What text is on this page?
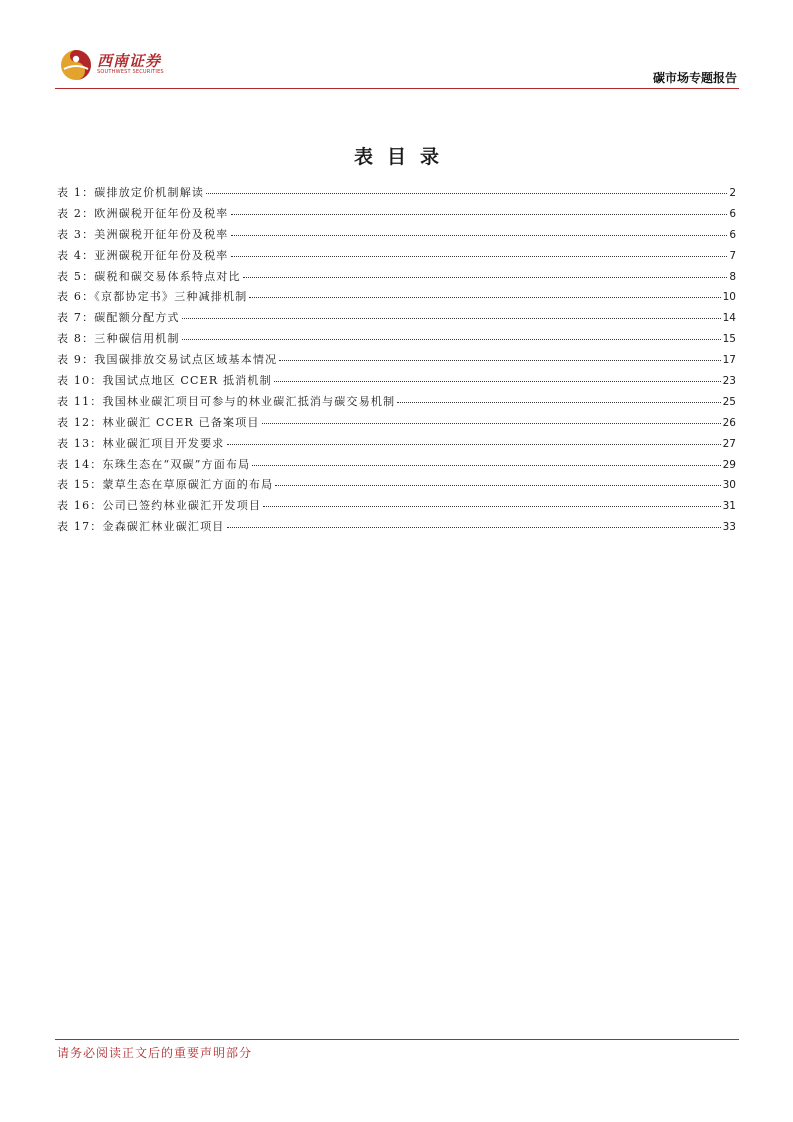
西南证券
SOUTHWEST SECURITIES	碳市场专题报告
表目录
表 1：碳排放定价机制解读	2
表 2：欧洲碳税开征年份及税率	6
表 3：美洲碳税开征年份及税率	6
表 4：亚洲碳税开征年份及税率	7
表 5：碳税和碳交易体系特点对比	8
表 6：《京都协定书》三种减排机制	10
表 7：碳配额分配方式	14
表 8：三种碳信用机制	15
表 9：我国碳排放交易试点区域基本情况	17
表 10：我国试点地区 CCER 抵消机制	23
表 11：我国林业碳汇项目可参与的林业碳汇抵消与碳交易机制	25
表 12：林业碳汇 CCER 已备案项目	26
表 13：林业碳汇项目开发要求	27
表 14：东珠生态在“双碳”方面布局	29
表 15：蒙草生态在草原碳汇方面的布局	30
表 16：公司已签约林业碳汇开发项目	31
表 17：金森碳汇林业碳汇项目	33
请务必阅读正文后的重要声明部分
